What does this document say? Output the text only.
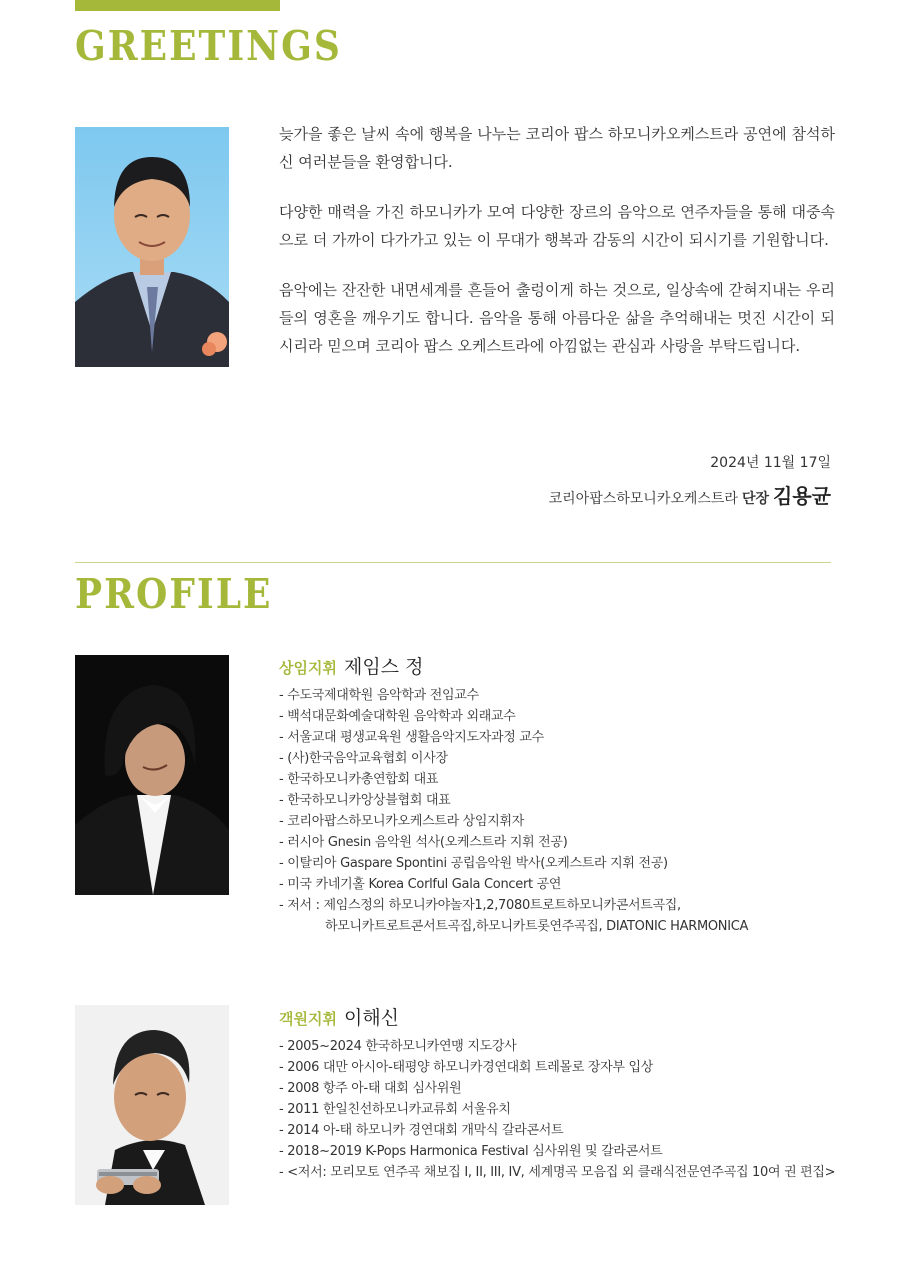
GREETINGS

늦가을 좋은 날씨 속에 행복을 나누는 코리아 팝스 하모니카오케스트라 공연에 참석하신 여러분들을 환영합니다.

다양한 매력을 가진 하모니카가 모여 다양한 장르의 음악으로 연주자들을 통해 대중속으로 더 가까이 다가가고 있는 이 무대가 행복과 감동의 시간이 되시기를 기원합니다.

음악에는 잔잔한 내면세계를 흔들어 출렁이게 하는 것으로, 일상속에 갇혀지내는 우리들의 영혼을 깨우기도 합니다. 음악을 통해 아름다운 삶을 추억해내는 멋진 시간이 되시리라 믿으며 코리아 팝스 오케스트라에 아낌없는 관심과 사랑을 부탁드립니다.

2024년 11월 17일
코리아팝스하모니카오케스트라 단장 김용균
PROFILE
상임지휘 제임스 정
- 수도국제대학원 음악학과 전임교수
- 백석대문화예술대학원 음악학과 외래교수
- 서울교대 평생교육원 생활음악지도자과정 교수
- (사)한국음악교육협회 이사장
- 한국하모니카총연합회 대표
- 한국하모니카앙상블협회 대표
- 코리아팝스하모니카오케스트라 상임지휘자
- 러시아 Gnesin 음악원 석사(오케스트라 지휘 전공)
- 이탈리아 Gaspare Spontini 공립음악원 박사(오케스트라 지휘 전공)
- 미국 카네기홀 Korea Corlful Gala Concert 공연
- 저서 : 제임스정의 하모니카야놀자1,2,7080트로트하모니카콘서트곡집,
하모니카트로트콘서트곡집,하모니카트롯연주곡집, DIATONIC HARMONICA
객원지휘 이해신
- 2005~2024 한국하모니카연맹 지도강사
- 2006 대만 아시아-태평양 하모니카경연대회 트레몰로 장자부 입상
- 2008 항주 아-태 대회 심사위원
- 2011 한일친선하모니카교류회 서울유치
- 2014 아-태 하모니카 경연대회 개막식 갈라콘서트
- 2018~2019 K-Pops Harmonica Festival 심사위원 및 갈라콘서트
- <저서: 모리모토 연주곡 채보집 I, II, III, IV, 세계명곡 모음집 외 클래식전문연주곡집 10여 권 편집>
